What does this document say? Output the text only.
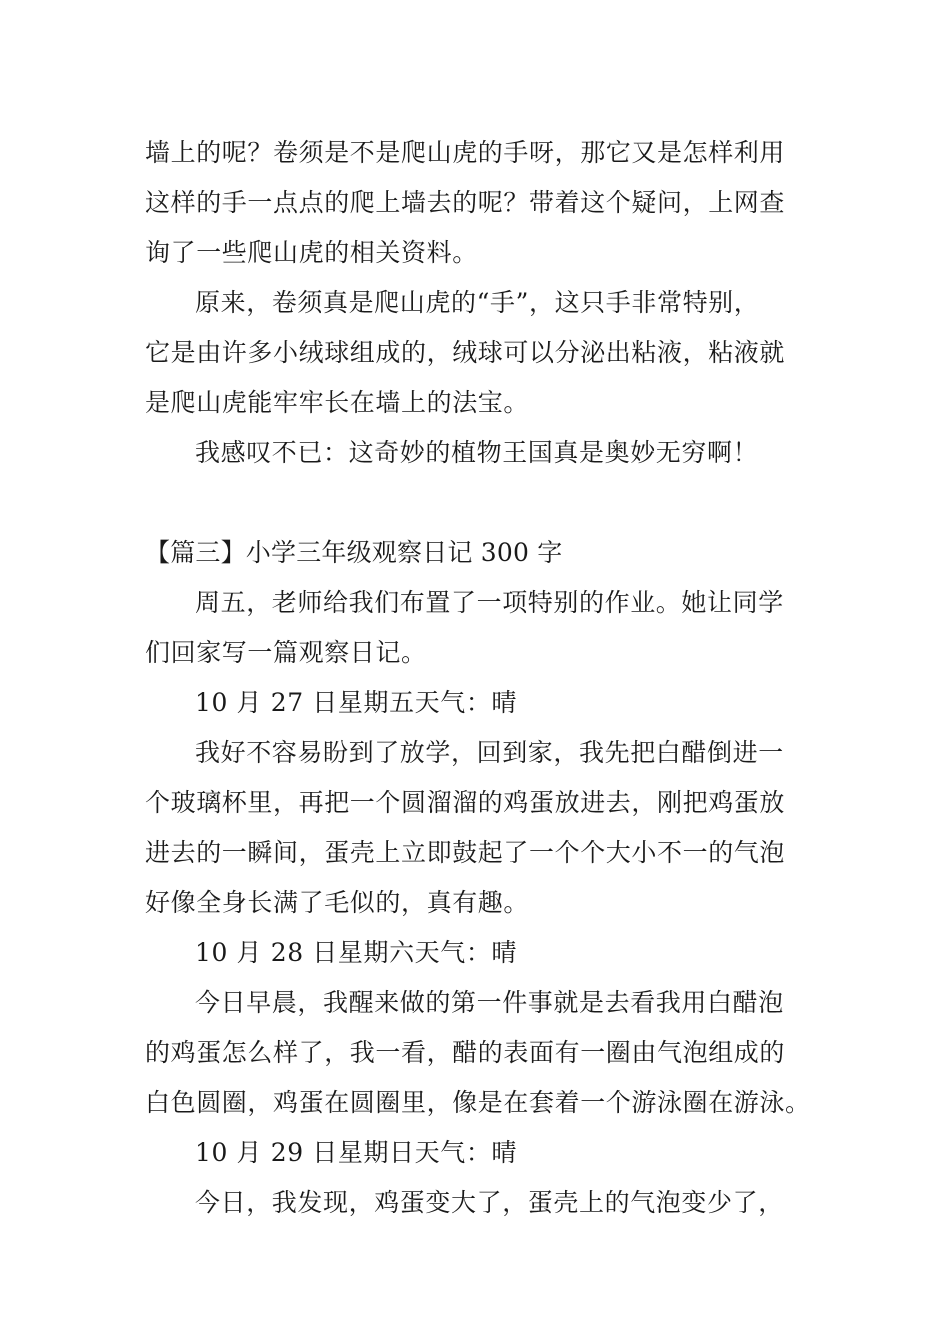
墙上的呢？卷须是不是爬山虎的手呀，那它又是怎样利用
这样的手一点点的爬上墙去的呢？带着这个疑问，上网查
询了一些爬山虎的相关资料。
原来，卷须真是爬山虎的“手”，这只手非常特别，
它是由许多小绒球组成的，绒球可以分泌出粘液，粘液就
是爬山虎能牢牢长在墙上的法宝。
我感叹不已：这奇妙的植物王国真是奥妙无穷啊！
【篇三】小学三年级观察日记 300 字
周五，老师给我们布置了一项特别的作业。她让同学
们回家写一篇观察日记。
10 月 27 日星期五天气：晴
我好不容易盼到了放学，回到家，我先把白醋倒进一
个玻璃杯里，再把一个圆溜溜的鸡蛋放进去，刚把鸡蛋放
进去的一瞬间，蛋壳上立即鼓起了一个个大小不一的气泡
好像全身长满了毛似的，真有趣。
10 月 28 日星期六天气：晴
今日早晨，我醒来做的第一件事就是去看我用白醋泡
的鸡蛋怎么样了，我一看，醋的表面有一圈由气泡组成的
白色圆圈，鸡蛋在圆圈里，像是在套着一个游泳圈在游泳。
10 月 29 日星期日天气：晴
今日，我发现，鸡蛋变大了，蛋壳上的气泡变少了，
